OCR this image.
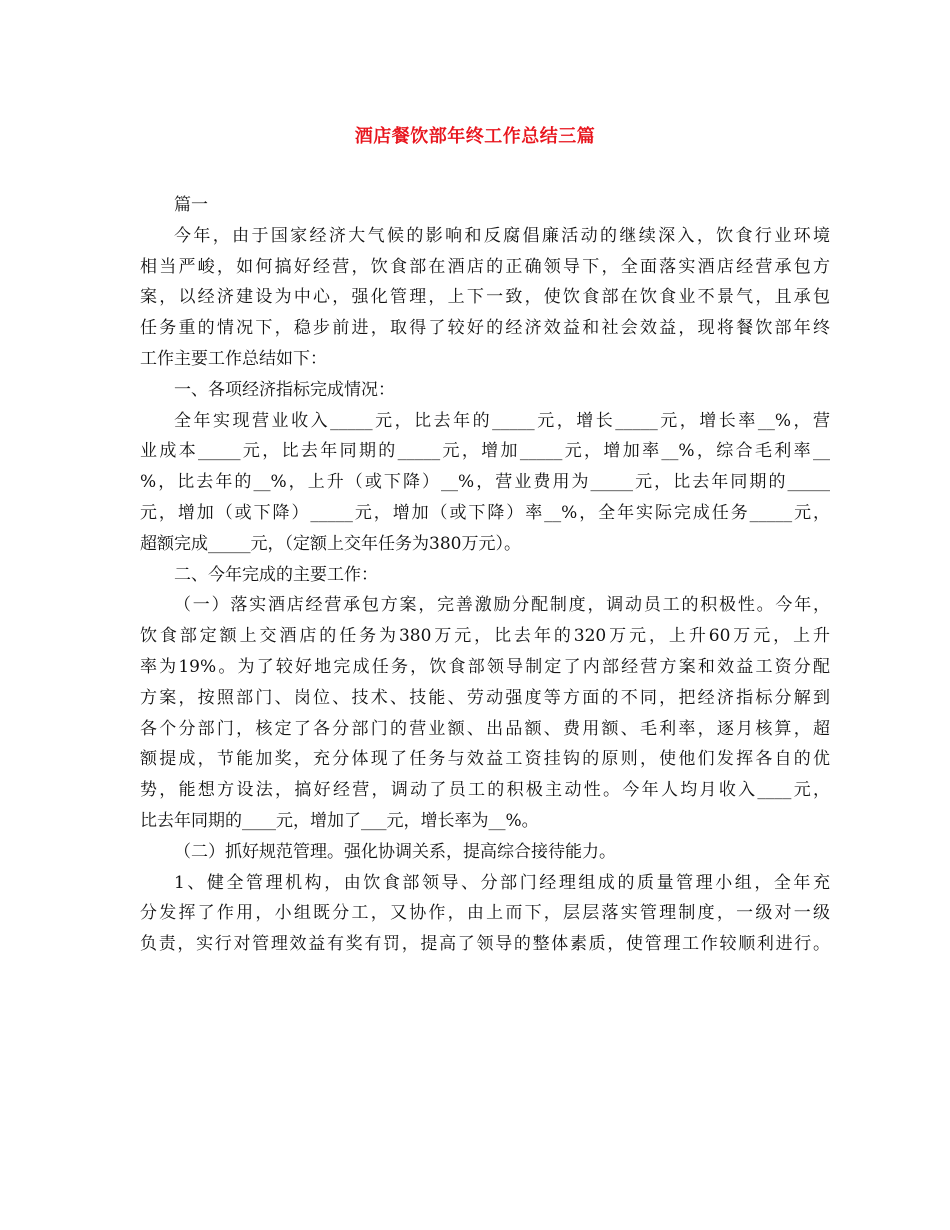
酒店餐饮部年终工作总结三篇
篇一
今年，由于国家经济大气候的影响和反腐倡廉活动的继续深入，饮食行业环境
相当严峻，如何搞好经营，饮食部在酒店的正确领导下，全面落实酒店经营承包方
案，以经济建设为中心，强化管理，上下一致，使饮食部在饮食业不景气，且承包
任务重的情况下，稳步前进，取得了较好的经济效益和社会效益，现将餐饮部年终
工作主要工作总结如下：
一、各项经济指标完成情况：
全年实现营业收入_____元，比去年的_____元，增长_____元，增长率__%，营
业成本_____元，比去年同期的_____元，增加_____元，增加率__%，综合毛利率__
%，比去年的__%，上升（或下降）__%，营业费用为_____元，比去年同期的_____
元，增加（或下降）_____元，增加（或下降）率__%，全年实际完成任务_____元，
超额完成_____元，（定额上交年任务为380万元）。
二、今年完成的主要工作：
（一）落实酒店经营承包方案，完善激励分配制度，调动员工的积极性。今年，
饮食部定额上交酒店的任务为380万元，比去年的320万元，上升60万元，上升
率为19%。为了较好地完成任务，饮食部领导制定了内部经营方案和效益工资分配
方案，按照部门、岗位、技术、技能、劳动强度等方面的不同，把经济指标分解到
各个分部门，核定了各分部门的营业额、出品额、费用额、毛利率，逐月核算，超
额提成，节能加奖，充分体现了任务与效益工资挂钩的原则，使他们发挥各自的优
势，能想方设法，搞好经营，调动了员工的积极主动性。今年人均月收入____元，
比去年同期的____元，增加了___元，增长率为__%。
（二）抓好规范管理。强化协调关系，提高综合接待能力。
1、健全管理机构，由饮食部领导、分部门经理组成的质量管理小组，全年充
分发挥了作用，小组既分工，又协作，由上而下，层层落实管理制度，一级对一级
负责，实行对管理效益有奖有罚，提高了领导的整体素质，使管理工作较顺利进行。
